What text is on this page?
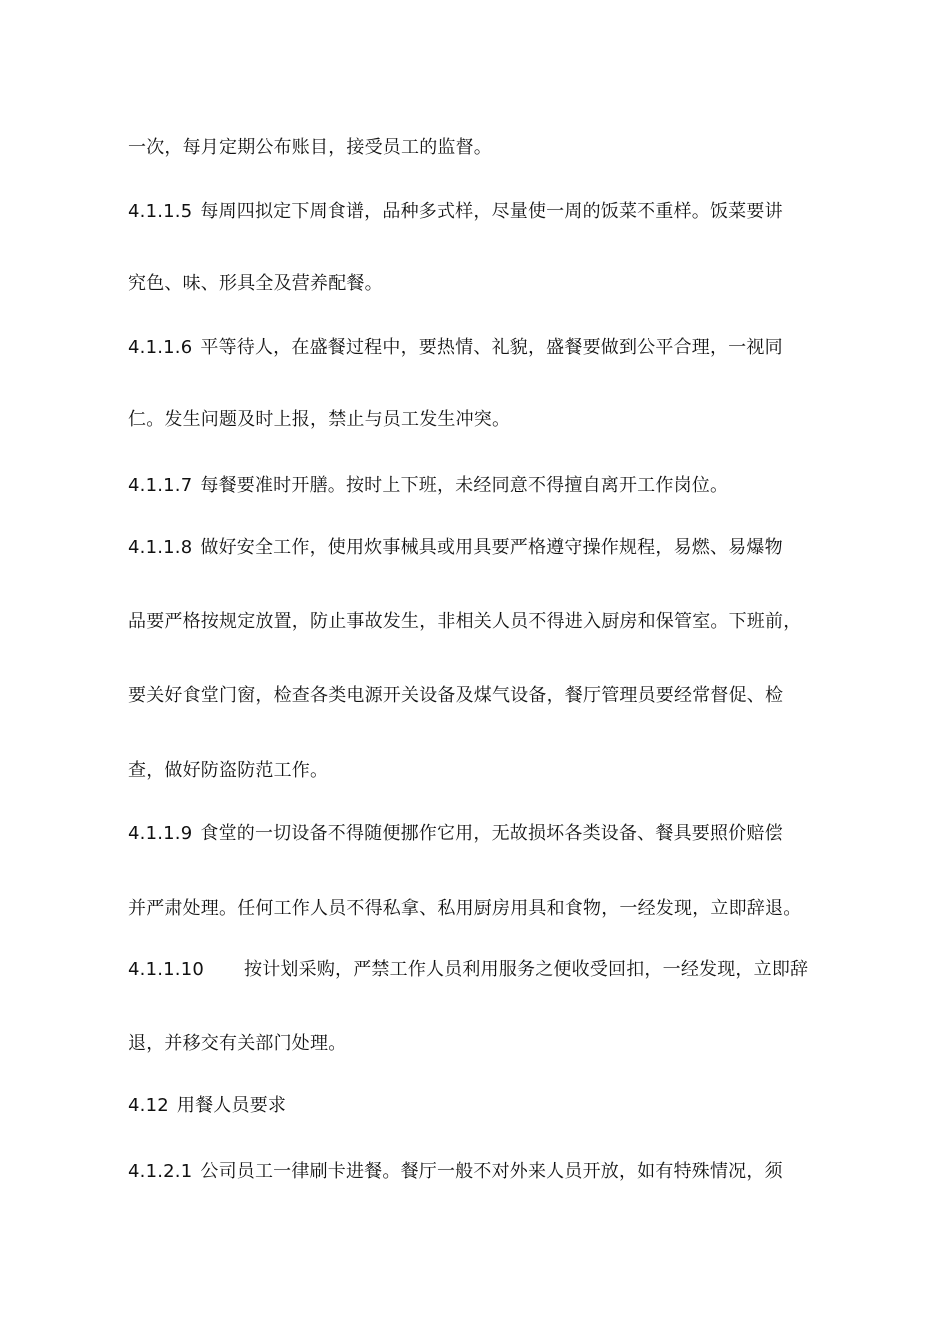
一次，每月定期公布账目，接受员工的监督。
4.1.1.5 每周四拟定下周食谱，品种多式样，尽量使一周的饭菜不重样。饭菜要讲
究色、味、形具全及营养配餐。
4.1.1.6 平等待人，在盛餐过程中，要热情、礼貌，盛餐要做到公平合理，一视同
仁。发生问题及时上报，禁止与员工发生冲突。
4.1.1.7 每餐要准时开膳。按时上下班，未经同意不得擅自离开工作岗位。
4.1.1.8 做好安全工作，使用炊事械具或用具要严格遵守操作规程，易燃、易爆物
品要严格按规定放置，防止事故发生，非相关人员不得进入厨房和保管室。下班前，
要关好食堂门窗，检查各类电源开关设备及煤气设备，餐厅管理员要经常督促、检
查，做好防盗防范工作。
4.1.1.9 食堂的一切设备不得随便挪作它用，无故损坏各类设备、餐具要照价赔偿
并严肃处理。任何工作人员不得私拿、私用厨房用具和食物，一经发现，立即辞退。
4.1.1.10 按计划采购，严禁工作人员利用服务之便收受回扣，一经发现，立即辞
退，并移交有关部门处理。
4.12 用餐人员要求
4.1.2.1 公司员工一律刷卡进餐。餐厅一般不对外来人员开放，如有特殊情况，须
